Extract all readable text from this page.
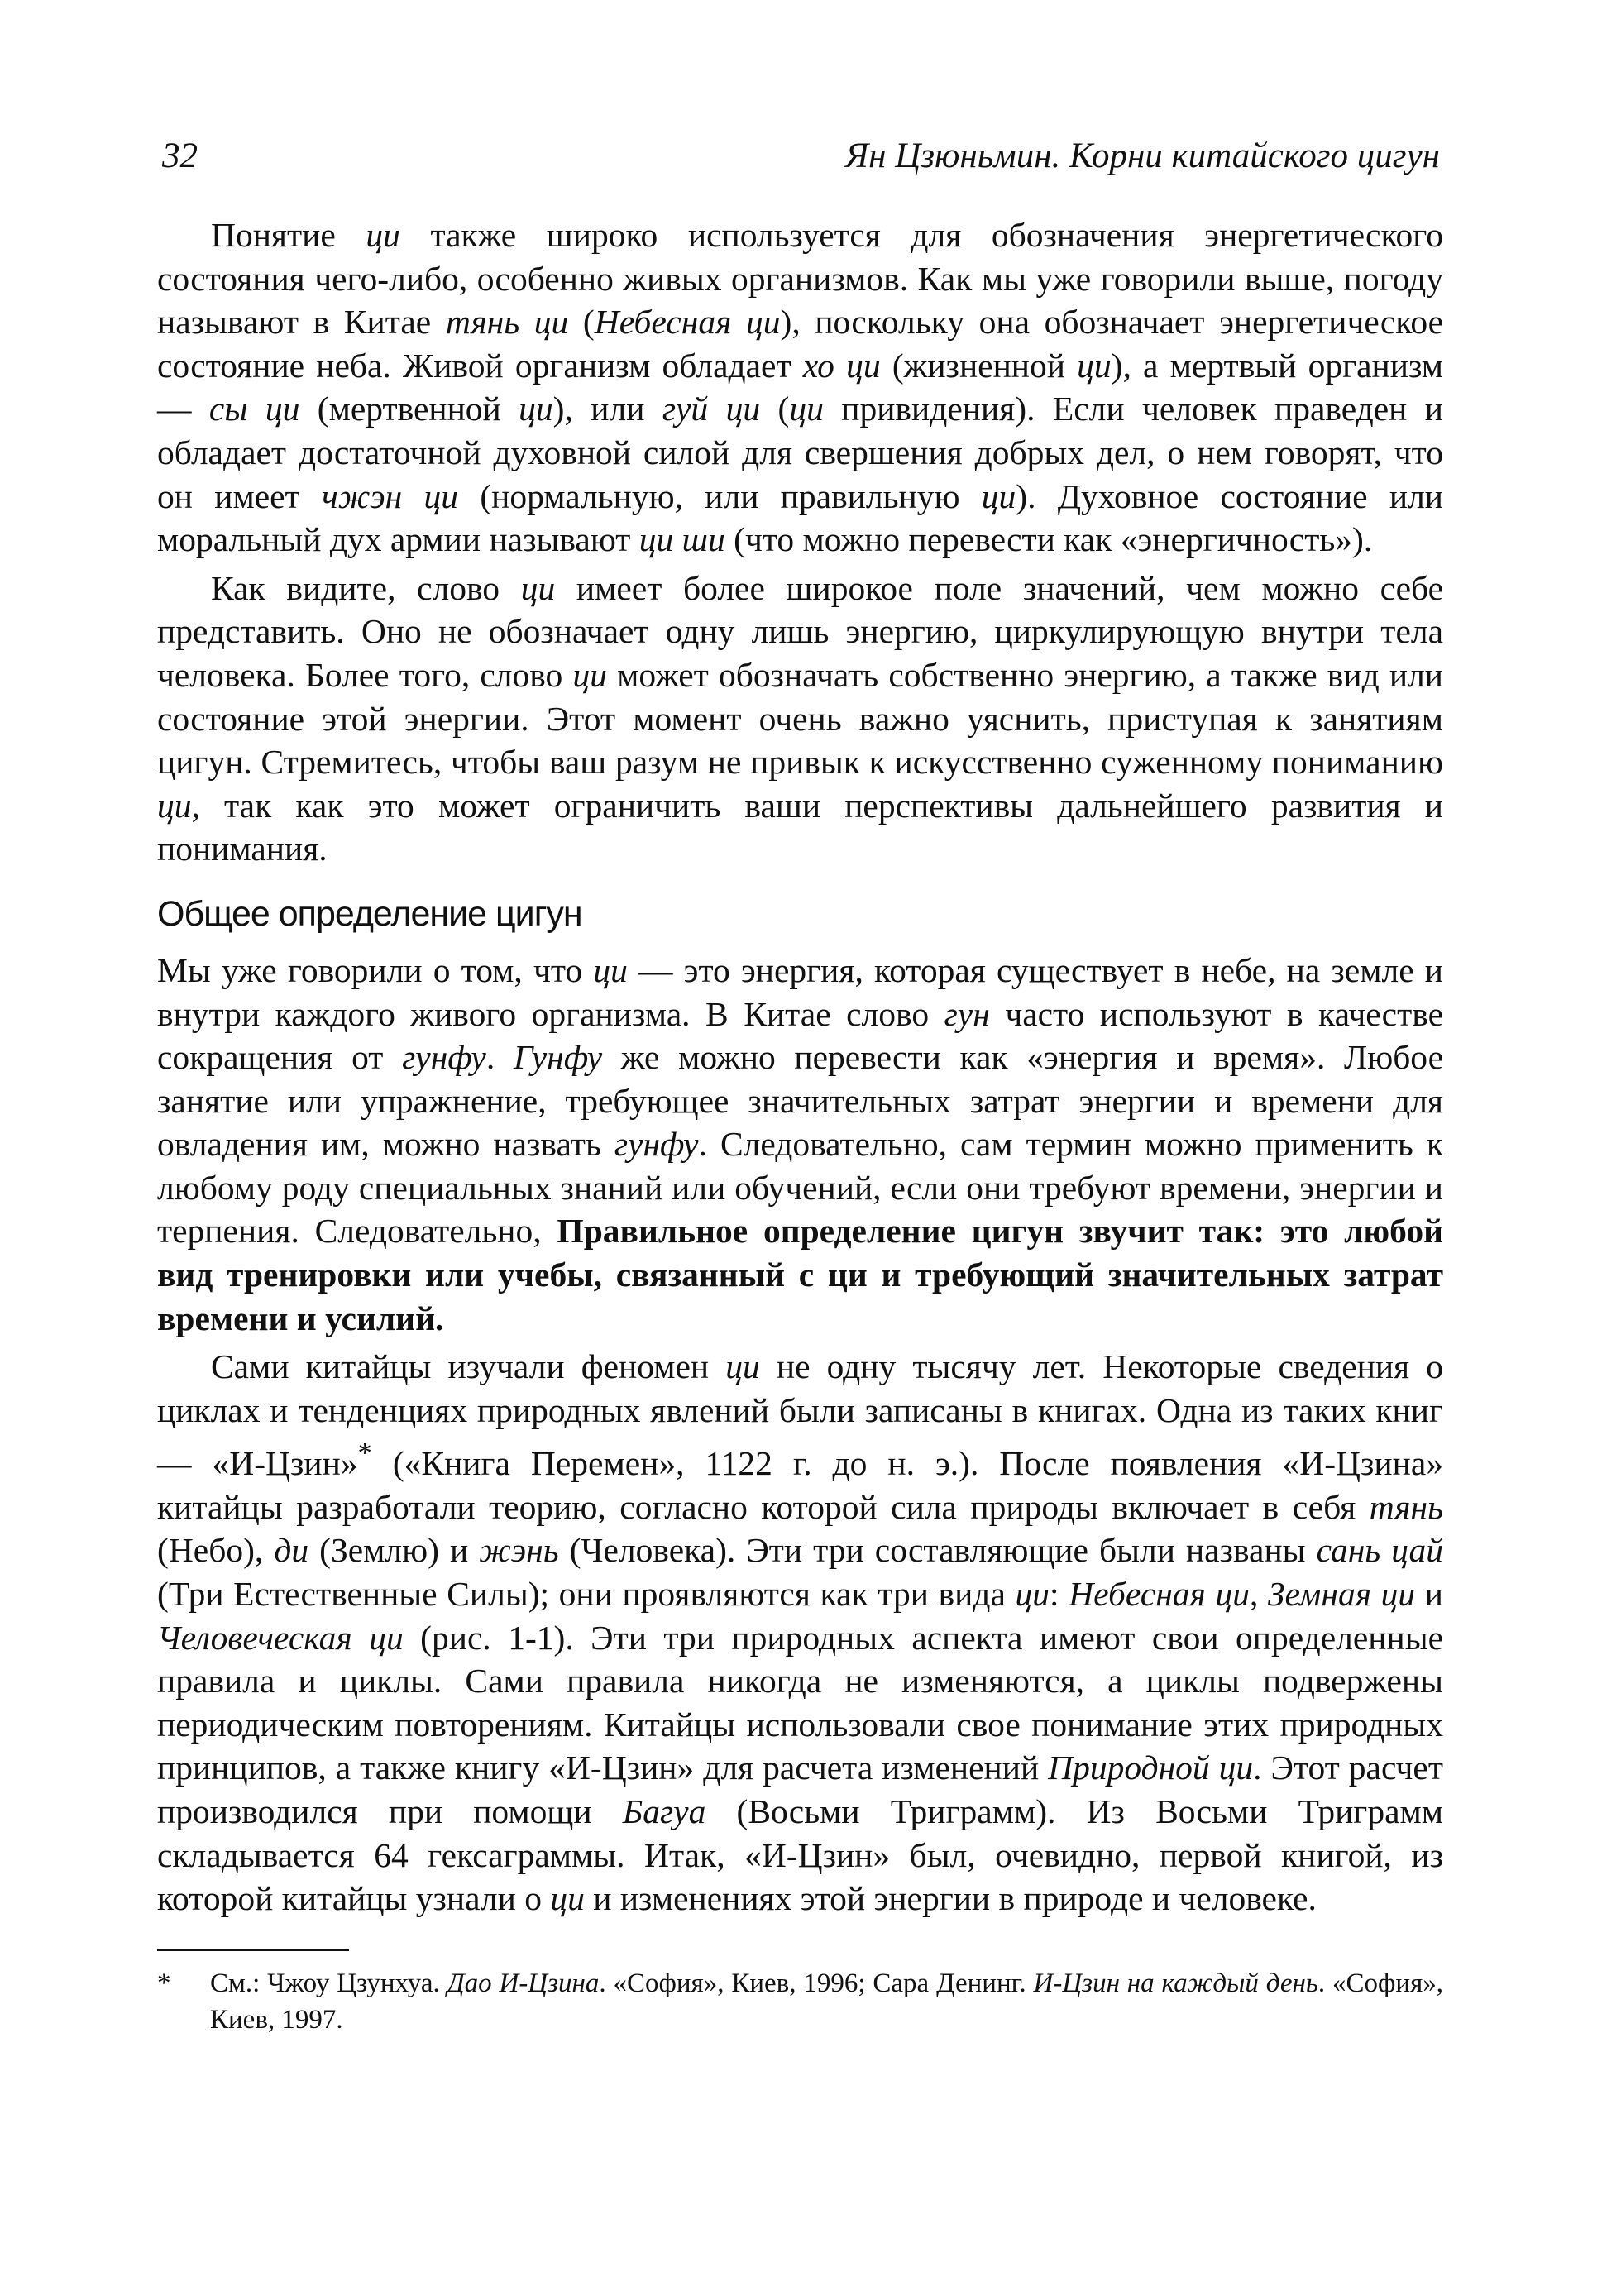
32	Ян Цзюньмин. Корни китайского цигун

Понятие ци также широко используется для обозначения энергетического состояния чего-либо, особенно живых организмов. Как мы уже говорили выше, погоду называют в Китае тянь ци (Небесная ци), поскольку она обозначает энергетическое состояние неба. Живой организм обладает хо ци (жизненной ци), а мертвый организм — сы ци (мертвенной ци), или гуй ци (ци привидения). Если человек праведен и обладает достаточной духовной силой для свершения добрых дел, о нем говорят, что он имеет чжэн ци (нормальную, или правильную ци). Духовное состояние или моральный дух армии называют ци ши (что можно перевести как «энергичность»).

Как видите, слово ци имеет более широкое поле значений, чем можно себе представить. Оно не обозначает одну лишь энергию, циркулирующую внутри тела человека. Более того, слово ци может обозначать собственно энергию, а также вид или состояние этой энергии. Этот момент очень важно уяснить, приступая к занятиям цигун. Стремитесь, чтобы ваш разум не привык к искусственно суженному пониманию ци, так как это может ограничить ваши перспективы дальнейшего развития и понимания.

Общее определение цигун

Мы уже говорили о том, что ци — это энергия, которая существует в небе, на земле и внутри каждого живого организма. В Китае слово гун часто используют в качестве сокращения от гунфу. Гунфу же можно перевести как «энергия и время». Любое занятие или упражнение, требующее значительных затрат энергии и времени для овладения им, можно назвать гунфу. Следовательно, сам термин можно применить к любому роду специальных знаний или обучений, если они требуют времени, энергии и терпения. Следовательно, Правильное определение цигун звучит так: это любой вид тренировки или учебы, связанный с ци и требующий значительных затрат времени и усилий.

Сами китайцы изучали феномен ци не одну тысячу лет. Некоторые сведения о циклах и тенденциях природных явлений были записаны в книгах. Одна из таких книг — «И-Цзин»* («Книга Перемен», 1122 г. до н. э.). После появления «И-Цзина» китайцы разработали теорию, согласно которой сила природы включает в себя тянь (Небо), ди (Землю) и жэнь (Человека). Эти три составляющие были названы сань цай (Три Естественные Силы); они проявляются как три вида ци: Небесная ци, Земная ци и Человеческая ци (рис. 1-1). Эти три природных аспекта имеют свои определенные правила и циклы. Сами правила никогда не изменяются, а циклы подвержены периодическим повторениям. Китайцы использовали свое понимание этих природных принципов, а также книгу «И-Цзин» для расчета изменений Природной ци. Этот расчет производился при помощи Багуа (Восьми Триграмм). Из Восьми Триграмм складывается 64 гексаграммы. Итак, «И-Цзин» был, очевидно, первой книгой, из которой китайцы узнали о ци и изменениях этой энергии в природе и человеке.

*	См.: Чжоу Цзунхуа. Дао И-Цзина. «София», Киев, 1996; Сара Денинг. И-Цзин на каждый день. «София», Киев, 1997.
